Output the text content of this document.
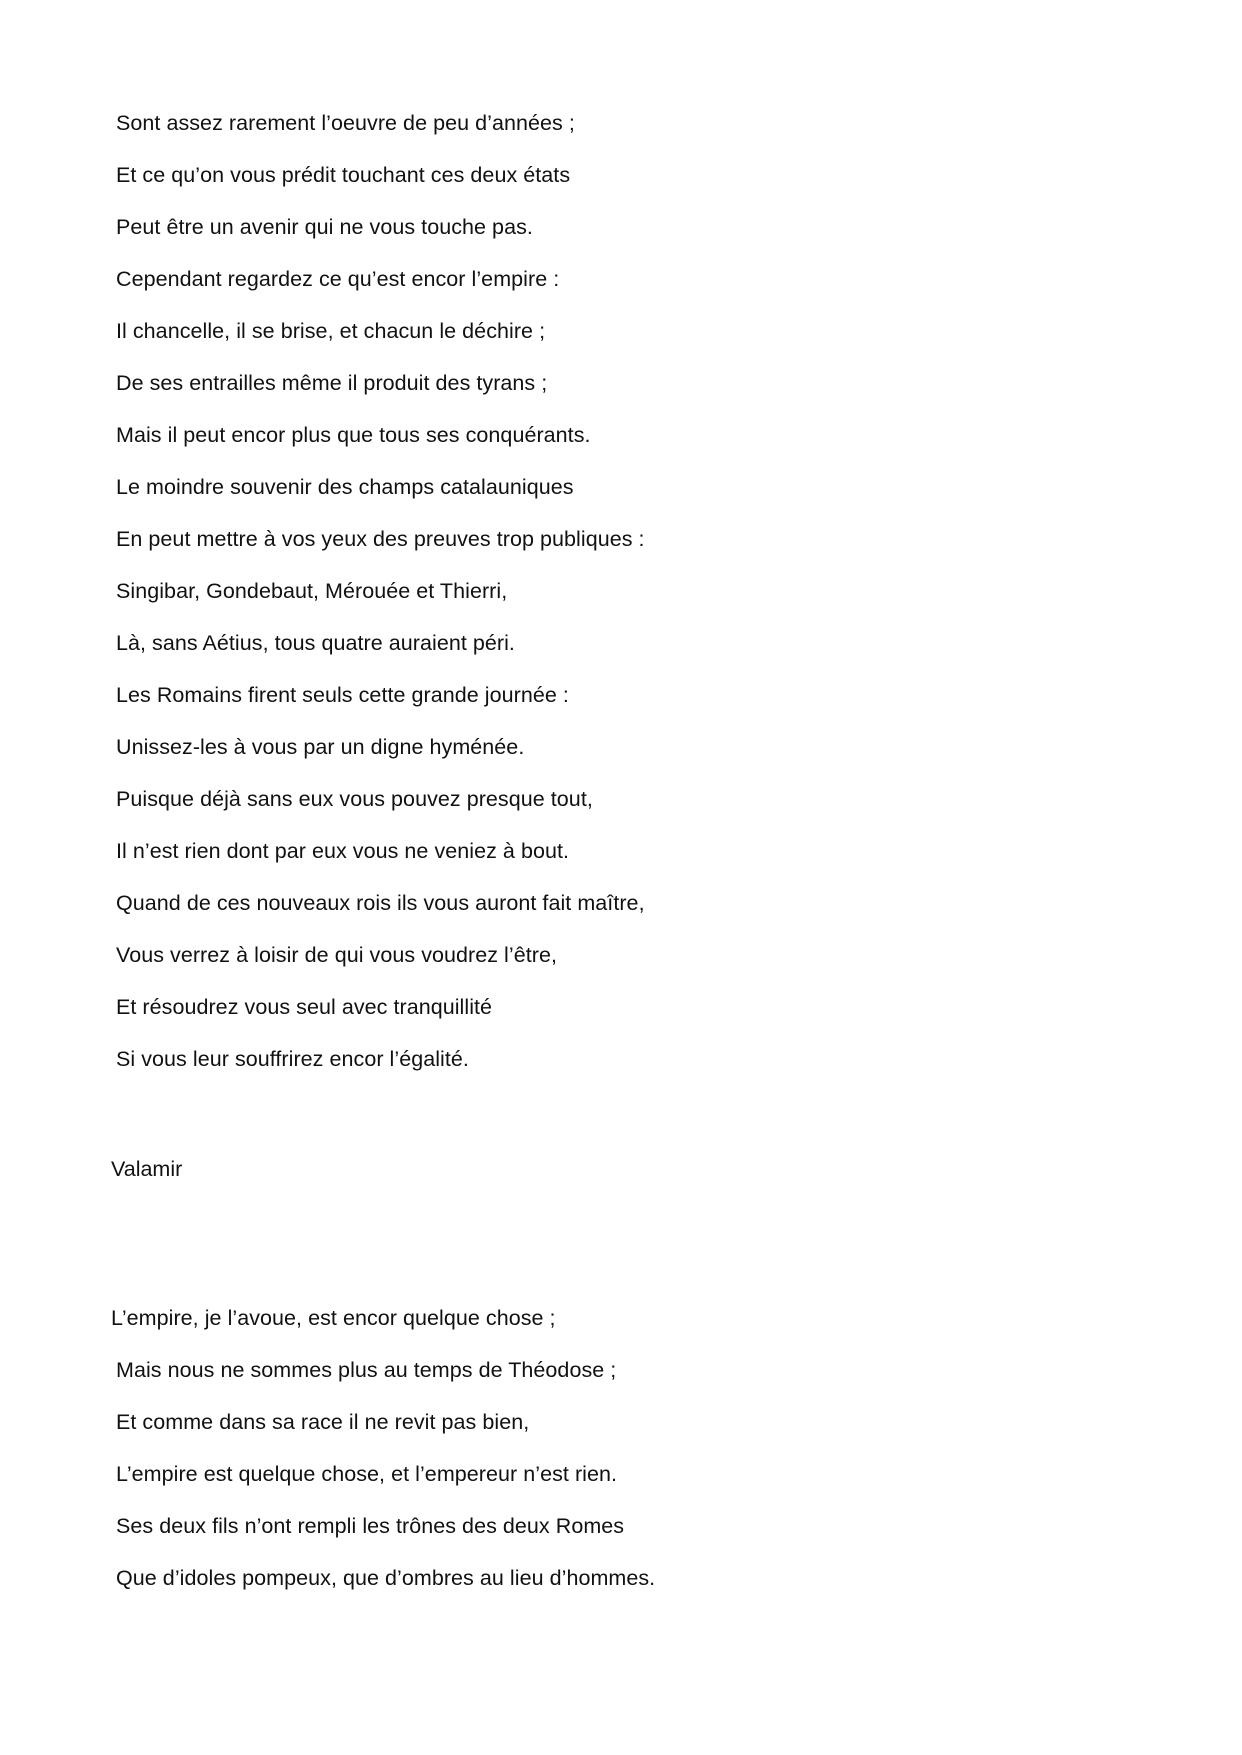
Sont assez rarement l’oeuvre de peu d’années ;
Et ce qu’on vous prédit touchant ces deux états
Peut être un avenir qui ne vous touche pas.
Cependant regardez ce qu’est encor l’empire :
Il chancelle, il se brise, et chacun le déchire ;
De ses entrailles même il produit des tyrans ;
Mais il peut encor plus que tous ses conquérants.
Le moindre souvenir des champs catalauniques
En peut mettre à vos yeux des preuves trop publiques :
Singibar, Gondebaut, Mérouée et Thierri,
Là, sans Aétius, tous quatre auraient péri.
Les Romains firent seuls cette grande journée :
Unissez-les à vous par un digne hyménée.
Puisque déjà sans eux vous pouvez presque tout,
Il n’est rien dont par eux vous ne veniez à bout.
Quand de ces nouveaux rois ils vous auront fait maître,
Vous verrez à loisir de qui vous voudrez l’être,
Et résoudrez vous seul avec tranquillité
Si vous leur souffrirez encor l’égalité.
Valamir
L’empire, je l’avoue, est encor quelque chose ;
Mais nous ne sommes plus au temps de Théodose ;
Et comme dans sa race il ne revit pas bien,
L’empire est quelque chose, et l’empereur n’est rien.
Ses deux fils n’ont rempli les trônes des deux Romes
Que d’idoles pompeux, que d’ombres au lieu d’hommes.
